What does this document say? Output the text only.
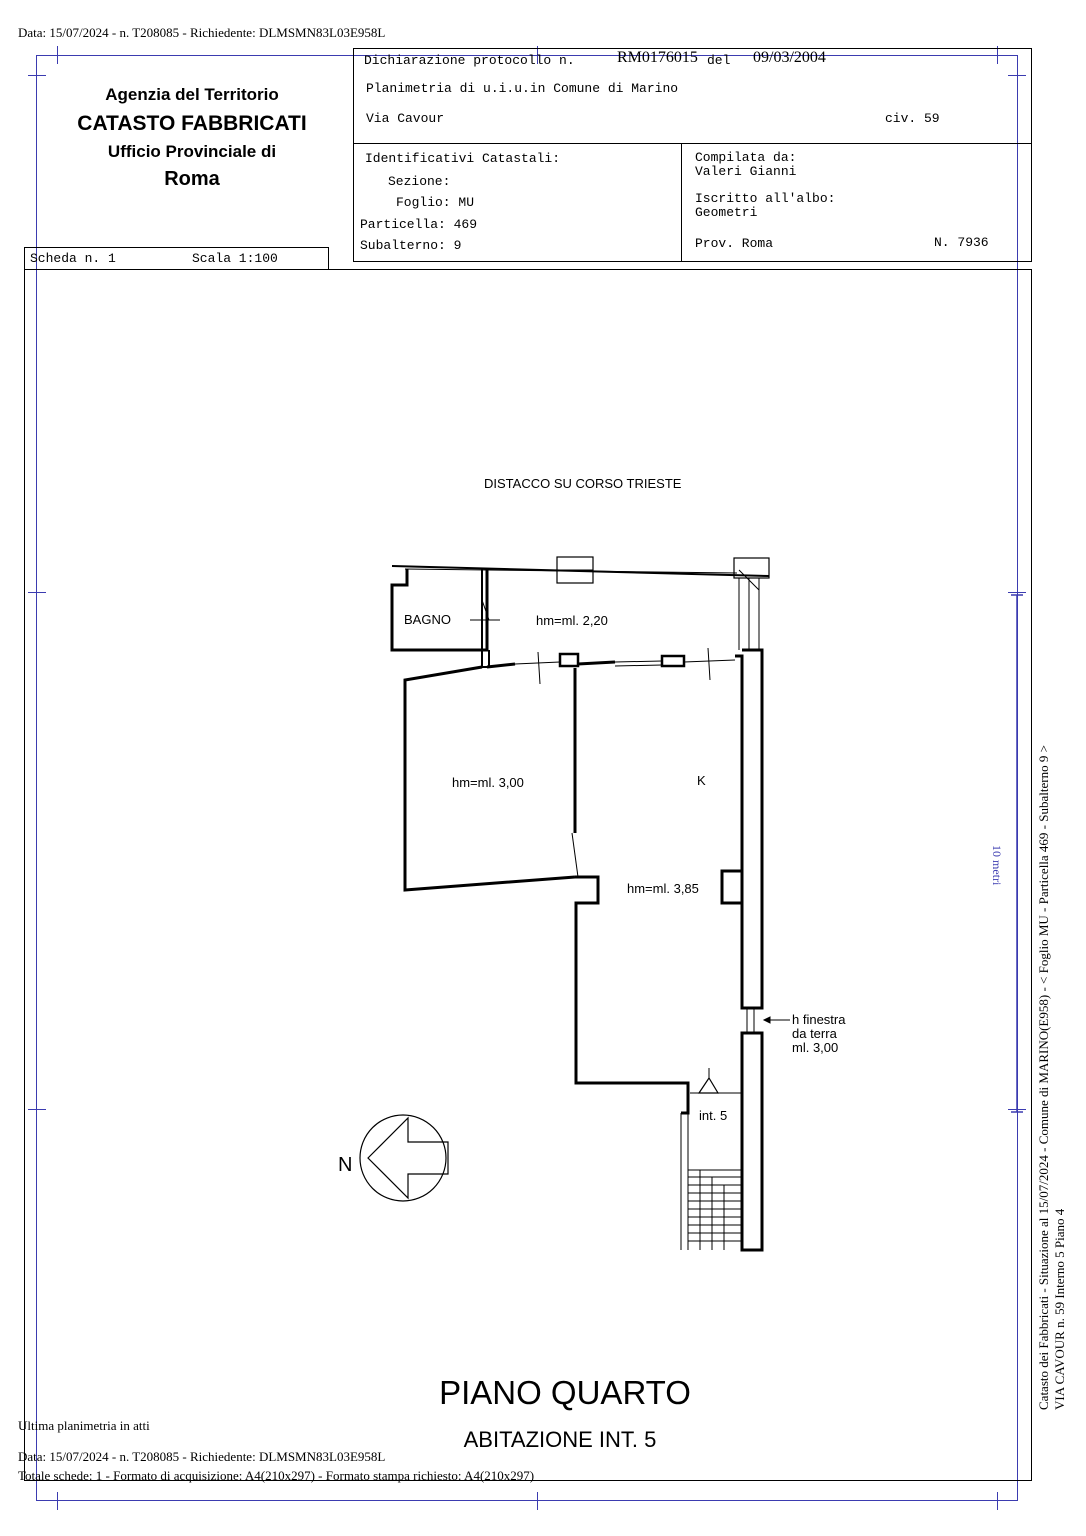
Data: 15/07/2024 - n. T208085 - Richiedente: DLMSMN83L03E958L
Agenzia del Territorio
CATASTO FABBRICATI
Ufficio Provinciale di
Roma
Scheda n. 1	Scala 1:100
Dichiarazione protocollo n.	RM0176015 del 09/03/2004
Planimetria di u.i.u.in Comune di Marino
Via Cavour	civ. 59
Identificativi Catastali:
Sezione:
Foglio: MU
Particella: 469
Subalterno: 9
Compilata da:
Valeri Gianni
Iscritto all'albo:
Geometri
Prov. Roma	N. 7936
DISTACCO SU CORSO TRIESTE
BAGNO	hm=ml. 2,20
hm=ml. 3,00	K
hm=ml. 3,85
h finestra
da terra
ml. 3,00
int. 5
N
10 metri
PIANO QUARTO
ABITAZIONE INT. 5
Catasto dei Fabbricati - Situazione al 15/07/2024 - Comune di MARINO(E958) - < Foglio MU - Particella 469 - Subalterno 9 > VIA CAVOUR n. 59 Interno 5 Piano 4
Ultima planimetria in atti
Data: 15/07/2024 - n. T208085 - Richiedente: DLMSMN83L03E958L
Totale schede: 1 - Formato di acquisizione: A4(210x297) - Formato stampa richiesto: A4(210x297)
